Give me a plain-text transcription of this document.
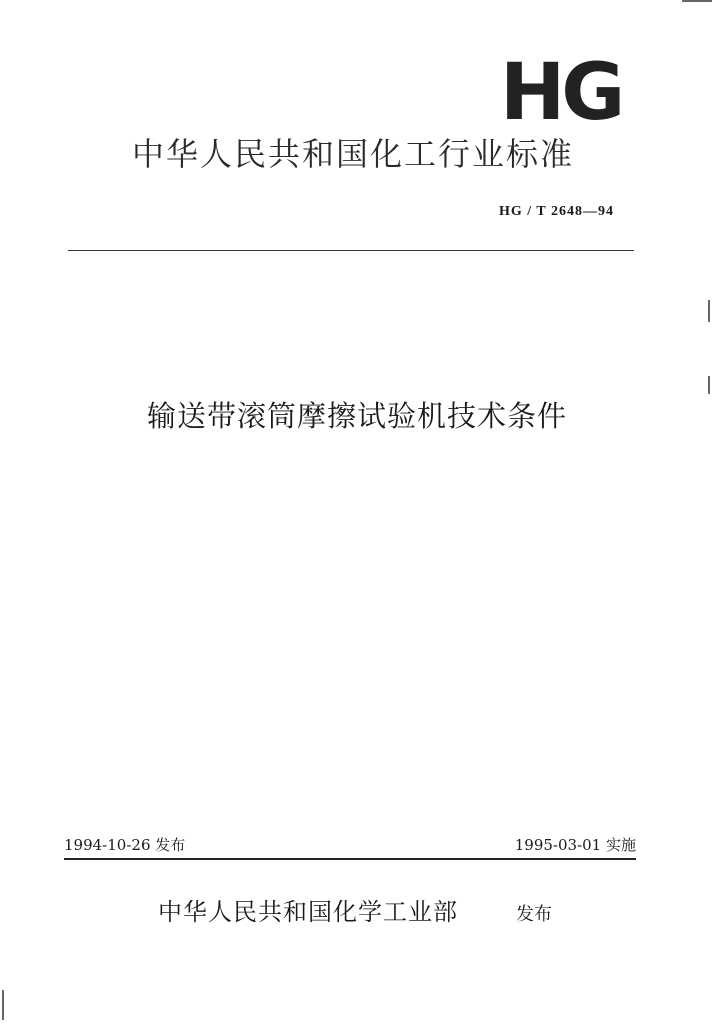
HG
中华人民共和国化工行业标准
HG / T 2648—94
输送带滚筒摩擦试验机技术条件
1994-10-26 发布	1995-03-01 实施
中华人民共和国化学工业部	发布
